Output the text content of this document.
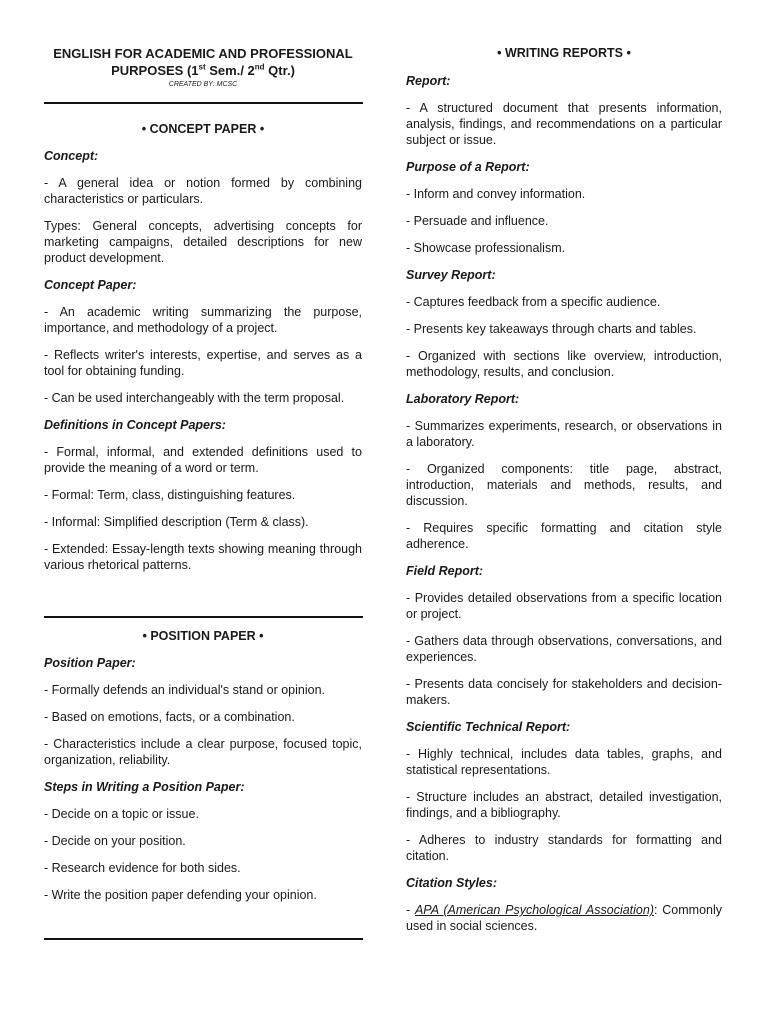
ENGLISH FOR ACADEMIC AND PROFESSIONAL
PURPOSES (1st Sem./ 2nd Qtr.)
CREATED BY: MCSC
• CONCEPT PAPER •
Concept:
- A general idea or notion formed by combining characteristics or particulars.
Types: General concepts, advertising concepts for marketing campaigns, detailed descriptions for new product development.
Concept Paper:
- An academic writing summarizing the purpose, importance, and methodology of a project.
- Reflects writer's interests, expertise, and serves as a tool for obtaining funding.
- Can be used interchangeably with the term proposal.
Definitions in Concept Papers:
- Formal, informal, and extended definitions used to provide the meaning of a word or term.
- Formal: Term, class, distinguishing features.
- Informal: Simplified description (Term & class).
- Extended: Essay-length texts showing meaning through various rhetorical patterns.
• POSITION PAPER •
Position Paper:
- Formally defends an individual's stand or opinion.
- Based on emotions, facts, or a combination.
- Characteristics include a clear purpose, focused topic, organization, reliability.
Steps in Writing a Position Paper:
- Decide on a topic or issue.
- Decide on your position.
- Research evidence for both sides.
- Write the position paper defending your opinion.
• WRITING REPORTS •
Report:
- A structured document that presents information, analysis, findings, and recommendations on a particular subject or issue.
Purpose of a Report:
- Inform and convey information.
- Persuade and influence.
- Showcase professionalism.
Survey Report:
- Captures feedback from a specific audience.
- Presents key takeaways through charts and tables.
- Organized with sections like overview, introduction, methodology, results, and conclusion.
Laboratory Report:
- Summarizes experiments, research, or observations in a laboratory.
- Organized components: title page, abstract, introduction, materials and methods, results, and discussion.
- Requires specific formatting and citation style adherence.
Field Report:
- Provides detailed observations from a specific location or project.
- Gathers data through observations, conversations, and experiences.
- Presents data concisely for stakeholders and decision-makers.
Scientific Technical Report:
- Highly technical, includes data tables, graphs, and statistical representations.
- Structure includes an abstract, detailed investigation, findings, and a bibliography.
- Adheres to industry standards for formatting and citation.
Citation Styles:
- APA (American Psychological Association): Commonly used in social sciences.
